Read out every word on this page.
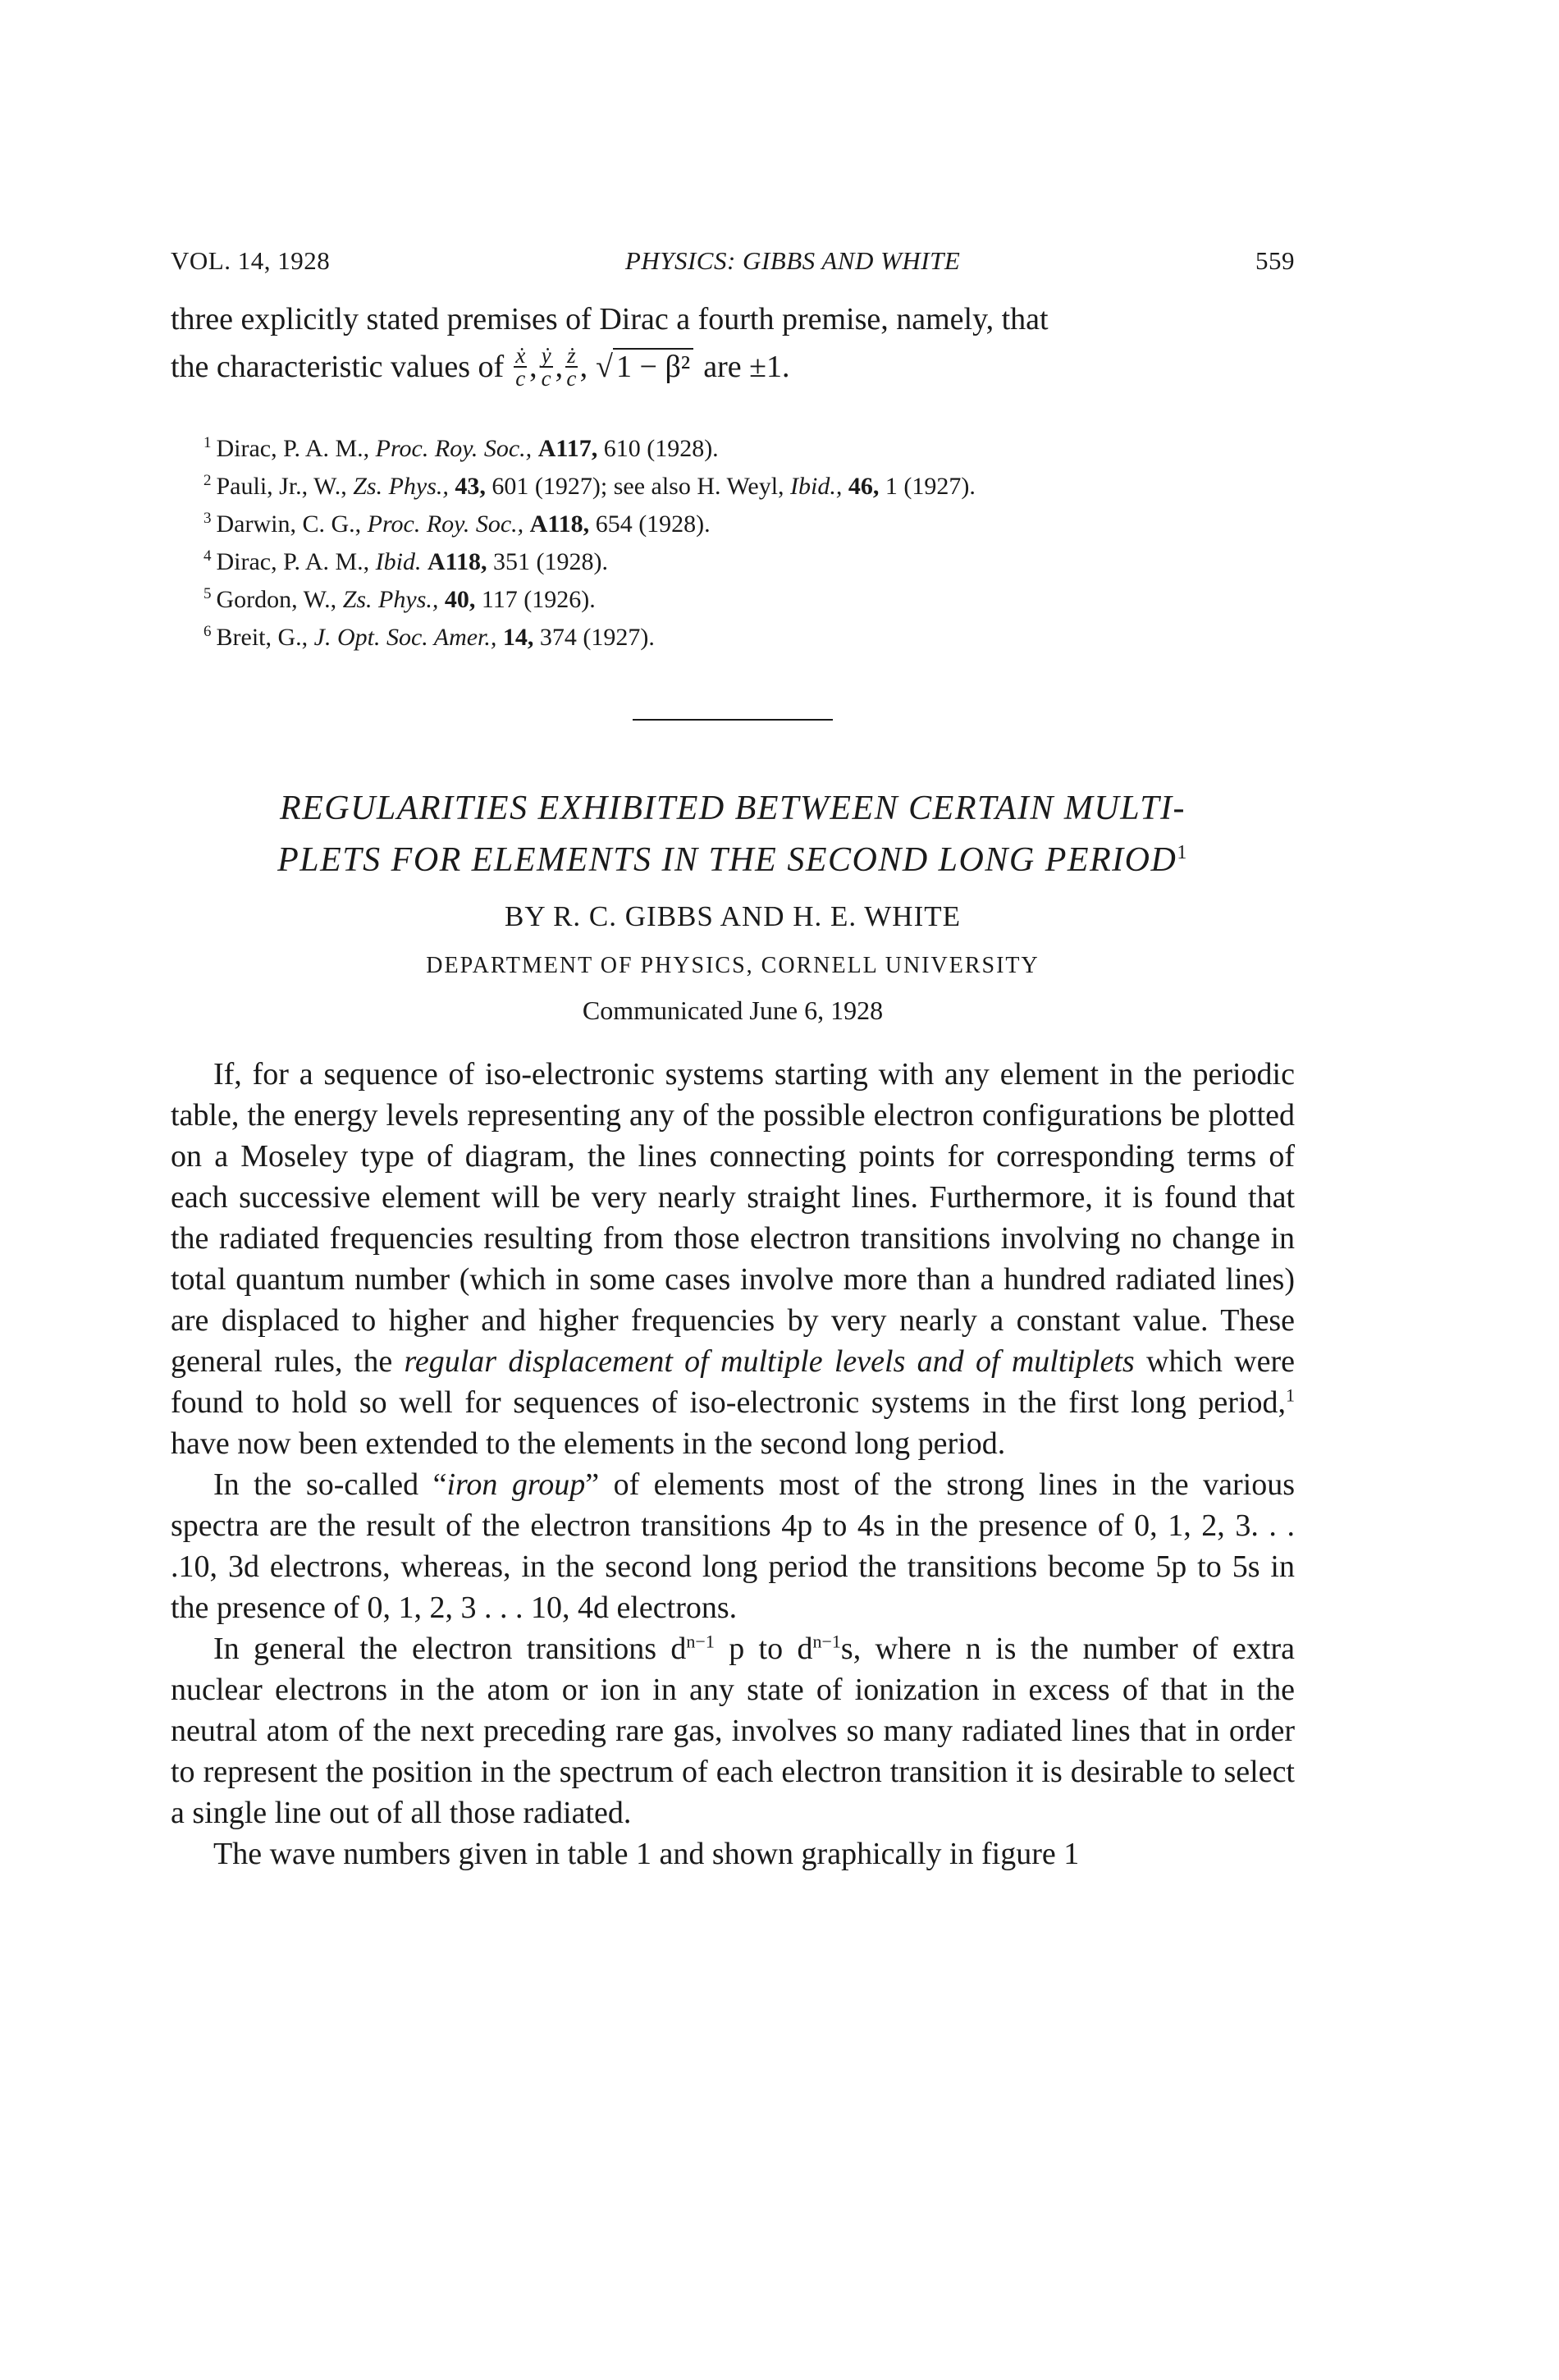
VOL. 14, 1928	PHYSICS: GIBBS AND WHITE	559

three explicitly stated premises of Dirac a fourth premise, namely, that

the characteristic values of $\frac{\text{ẋ}}{c}$ , $\frac{\text{ẏ}}{c}$ , $\frac{ż}{c}$ , √ 1 − β² are ±1.
$^1$ Dirac, P. A. M., Proc. Roy. Soc., A117, 610 (1928).
$^2$ Pauli, Jr., W., Zs. Phys., 43, 601 (1927); see also H. Weyl, Ibid., 46, 1 (1927).
$^3$ Darwin, C. G., Proc. Roy. Soc., A118, 654 (1928).
$^4$ Dirac, P. A. M., Ibid. A118, 351 (1928).
$^5$ Gordon, W., Zs. Phys., 40, 117 (1926).
$^6$ Breit, G., J. Opt. Soc. Amer., 14, 374 (1927).
REGULARITIES EXHIBITED BETWEEN CERTAIN MULTI-
PLETS FOR ELEMENTS IN THE SECOND LONG PERIOD$^1$
BY R. C. GIBBS AND H. E. WHITE
DEPARTMENT OF PHYSICS, CORNELL UNIVERSITY
Communicated June 6, 1928

If, for a sequence of iso-electronic systems starting with any element in the periodic table, the energy levels representing any of the possible electron configurations be plotted on a Moseley type of diagram, the lines connecting points for corresponding terms of each successive element will be very nearly straight lines. Furthermore, it is found that the radiated frequencies resulting from those electron transitions involving no change in total quantum number (which in some cases involve more than a hundred radiated lines) are displaced to higher and higher frequencies by very nearly a constant value. These general rules, the regular displacement of multiple levels and of multiplets which were found to hold so well for sequences of iso-electronic systems in the first long period,$^1$ have now been extended to the elements in the second long period.

In the so-called “iron group” of elements most of the strong lines in the various spectra are the result of the electron transitions 4p to 4s in the presence of 0, 1, 2, 3. . . .10, 3d electrons, whereas, in the second long period the transitions become 5p to 5s in the presence of 0, 1, 2, 3 . . . 10, 4d electrons.

In general the electron transitions $d^{n-1}$ p to $d^{n-1}s$, where n is the number of extra nuclear electrons in the atom or ion in any state of ionization in excess of that in the neutral atom of the next preceding rare gas, involves so many radiated lines that in order to represent the position in the spectrum of each electron transition it is desirable to select a single line out of all those radiated.

The wave numbers given in table 1 and shown graphically in figure 1
